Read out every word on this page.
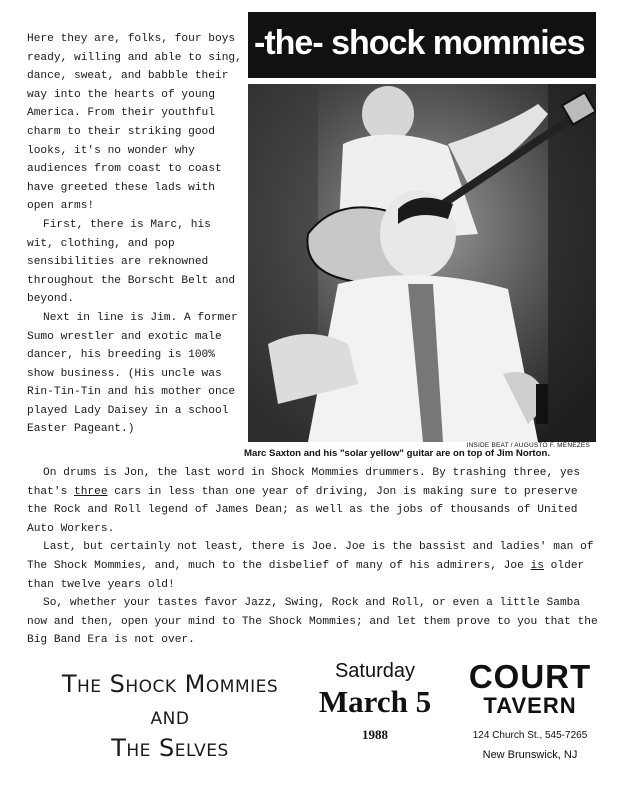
Here they are, folks, four boys ready, willing and able to sing, dance, sweat, and babble their way into the hearts of young America. From their youthful charm to their striking good looks, it's no wonder why audiences from coast to coast have greeted these lads with open arms!

First, there is Marc, his wit, clothing, and pop sensibilities are reknowned throughout the Borscht Belt and beyond.

Next in line is Jim. A former Sumo wrestler and exotic male dancer, his breeding is 100% show business. (His uncle was Rin-Tin-Tin and his mother once played Lady Daisey in a school Easter Pageant.)

-the- shock mommies
INSIDE BEAT / AUGUSTO F. MENEZES
Marc Saxton and his "solar yellow" guitar are on top of Jim Norton.

On drums is Jon, the last word in Shock Mommies drummers. By trashing three, yes that's three cars in less than one year of driving, Jon is making sure to preserve the Rock and Roll legend of James Dean; as well as the jobs of thousands of United Auto Workers.

Last, but certainly not least, there is Joe. Joe is the bassist and ladies' man of The Shock Mommies, and, much to the disbelief of many of his admirers, Joe is older than twelve years old!

So, whether your tastes favor Jazz, Swing, Rock and Roll, or even a little Samba now and then, open your mind to The Shock Mommies; and let them prove to you that the Big Band Era is not over.

The Shock Mommies
and
The Selves
Saturday
March 5
1988
COURT
TAVERN
124 Church St., 545-7265
New Brunswick, NJ
